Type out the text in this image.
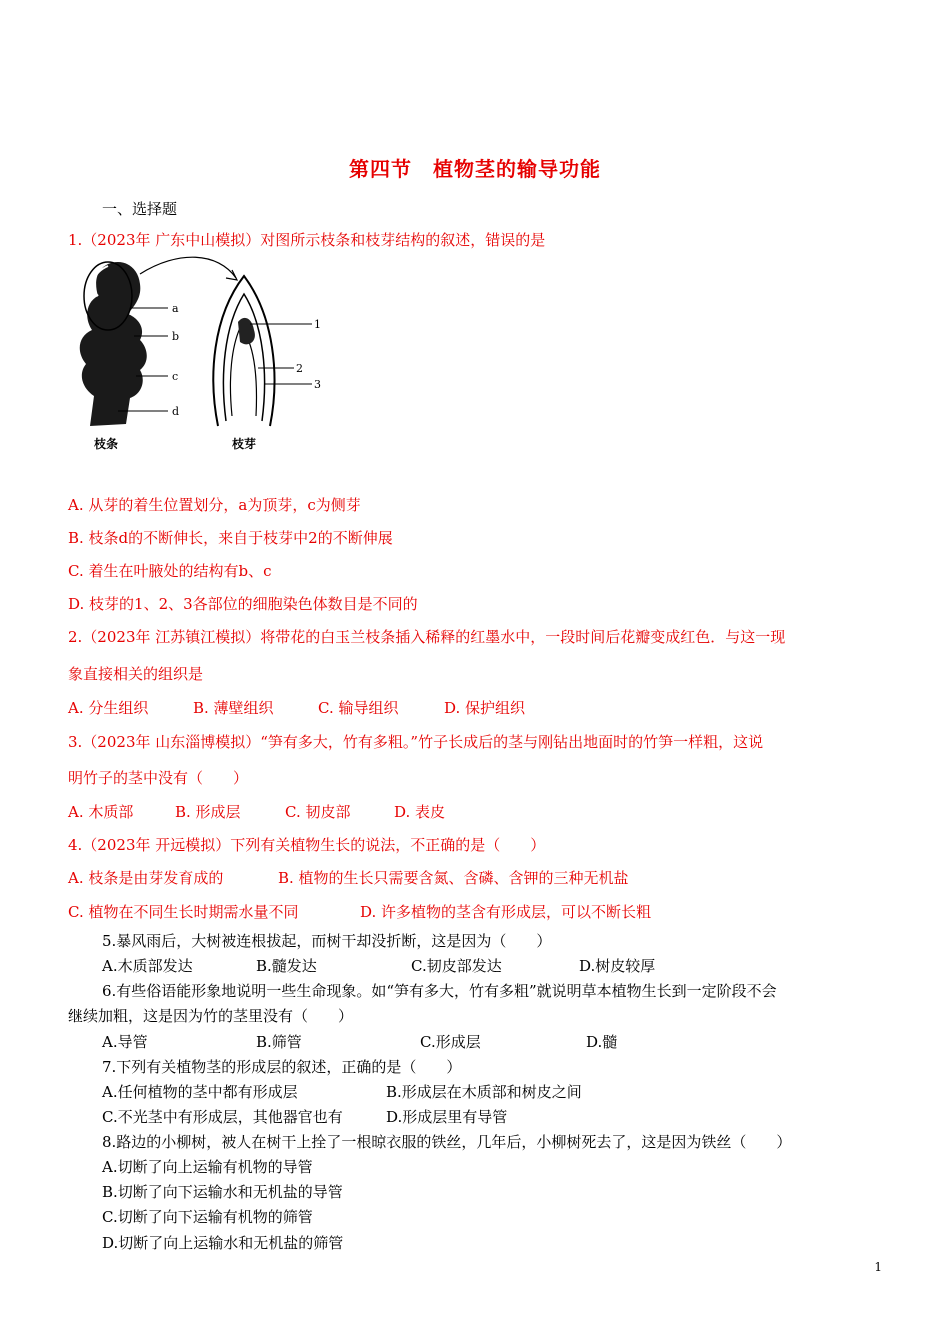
第四节　植物茎的输导功能
一、选择题
1.（2023年 广东中山模拟）对图所示枝条和枝芽结构的叙述，错误的是
a
b
c
d
1
2
3
枝条	枝芽
A. 从芽的着生位置划分，a为顶芽，c为侧芽
B. 枝条d的不断伸长，来自于枝芽中2的不断伸展
C. 着生在叶腋处的结构有b、c
D. 枝芽的1、2、3各部位的细胞染色体数目是不同的
2.（2023年 江苏镇江模拟）将带花的白玉兰枝条插入稀释的红墨水中，一段时间后花瓣变成红色．与这一现
象直接相关的组织是
A. 分生组织	B. 薄壁组织	C. 输导组织	D. 保护组织
3.（2023年 山东淄博模拟）“笋有多大，竹有多粗。”竹子长成后的茎与刚钻出地面时的竹笋一样粗，这说
明竹子的茎中没有（　　）
A. 木质部	B. 形成层	C. 韧皮部	D. 表皮
4.（2023年 开远模拟）下列有关植物生长的说法，不正确的是（　　）
A. 枝条是由芽发育成的	B. 植物的生长只需要含氮、含磷、含钾的三种无机盐
C. 植物在不同生长时期需水量不同	D. 许多植物的茎含有形成层，可以不断长粗
5.暴风雨后，大树被连根拔起，而树干却没折断，这是因为（　　）
A.木质部发达	B.髓发达	C.韧皮部发达	D.树皮较厚
6.有些俗语能形象地说明一些生命现象。如“笋有多大，竹有多粗”就说明草本植物生长到一定阶段不会
继续加粗，这是因为竹的茎里没有（　　）
A.导管	B.筛管	C.形成层	D.髓
7.下列有关植物茎的形成层的叙述，正确的是（　　）
A.任何植物的茎中都有形成层	B.形成层在木质部和树皮之间
C.不光茎中有形成层，其他器官也有	D.形成层里有导管
8.路边的小柳树，被人在树干上拴了一根晾衣服的铁丝，几年后，小柳树死去了，这是因为铁丝（　　）
A.切断了向上运输有机物的导管
B.切断了向下运输水和无机盐的导管
C.切断了向下运输有机物的筛管
D.切断了向上运输水和无机盐的筛管
1
